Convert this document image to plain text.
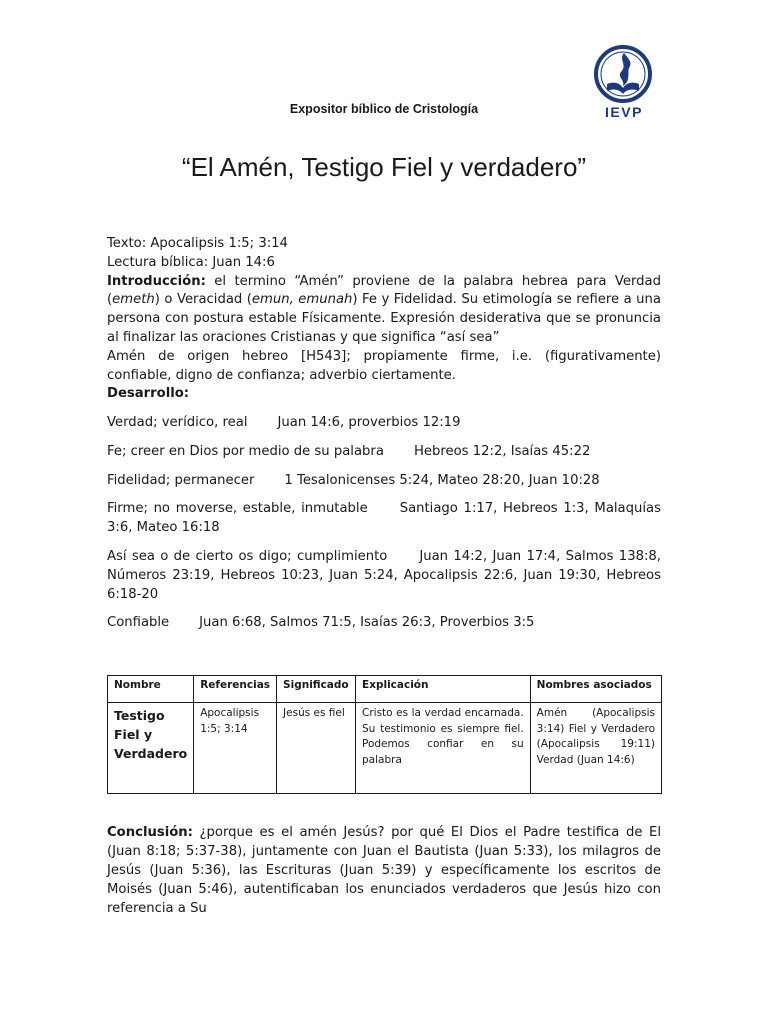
IEVP
Expositor bíblico de Cristología
“El Amén, Testigo Fiel y verdadero”

Texto: Apocalipsis 1:5; 3:14

Lectura bíblica: Juan 14:6

Introducción: el termino “Amén” proviene de la palabra hebrea para Verdad (emeth) o Veracidad (emun, emunah) Fe y Fidelidad. Su etimología se refiere a una persona con postura estable Físicamente. Expresión desiderativa que se pronuncia al finalizar las oraciones Cristianas y que significa “así sea”

Amén de origen hebreo [H543]; propiamente firme, i.e. (figurativamente) confiable, digno de confianza; adverbio ciertamente.

Desarrollo:

Verdad; verídico, real Juan 14:6, proverbios 12:19

Fe; creer en Dios por medio de su palabra Hebreos 12:2, Isaías 45:22

Fidelidad; permanecer 1 Tesalonicenses 5:24, Mateo 28:20, Juan 10:28

Firme; no moverse, estable, inmutable Santiago 1:17, Hebreos 1:3, Malaquías 3:6, Mateo 16:18

Así sea o de cierto os digo; cumplimiento Juan 14:2, Juan 17:4, Salmos 138:8, Números 23:19, Hebreos 10:23, Juan 5:24, Apocalipsis 22:6, Juan 19:30, Hebreos 6:18-20

Confiable Juan 6:68, Salmos 71:5, Isaías 26:3, Proverbios 3:5

Nombre	Referencias	Significado	Explicación	Nombres asociados
Testigo Fiel y Verdadero	Apocalipsis 1:5; 3:14	Jesús es fiel	Cristo es la verdad encarnada. Su testimonio es siempre fiel. Podemos confiar en su palabra	Amén (Apocalipsis 3:14) Fiel y Verdadero (Apocalipsis 19:11) Verdad (Juan 14:6)

Conclusión: ¿porque es el amén Jesús? por qué El Dios el Padre testifica de El (Juan 8:18; 5:37-38), juntamente con Juan el Bautista (Juan 5:33), los milagros de Jesús (Juan 5:36), las Escrituras (Juan 5:39) y específicamente los escritos de Moisés (Juan 5:46), autentificaban los enunciados verdaderos que Jesús hizo con referencia a Su
